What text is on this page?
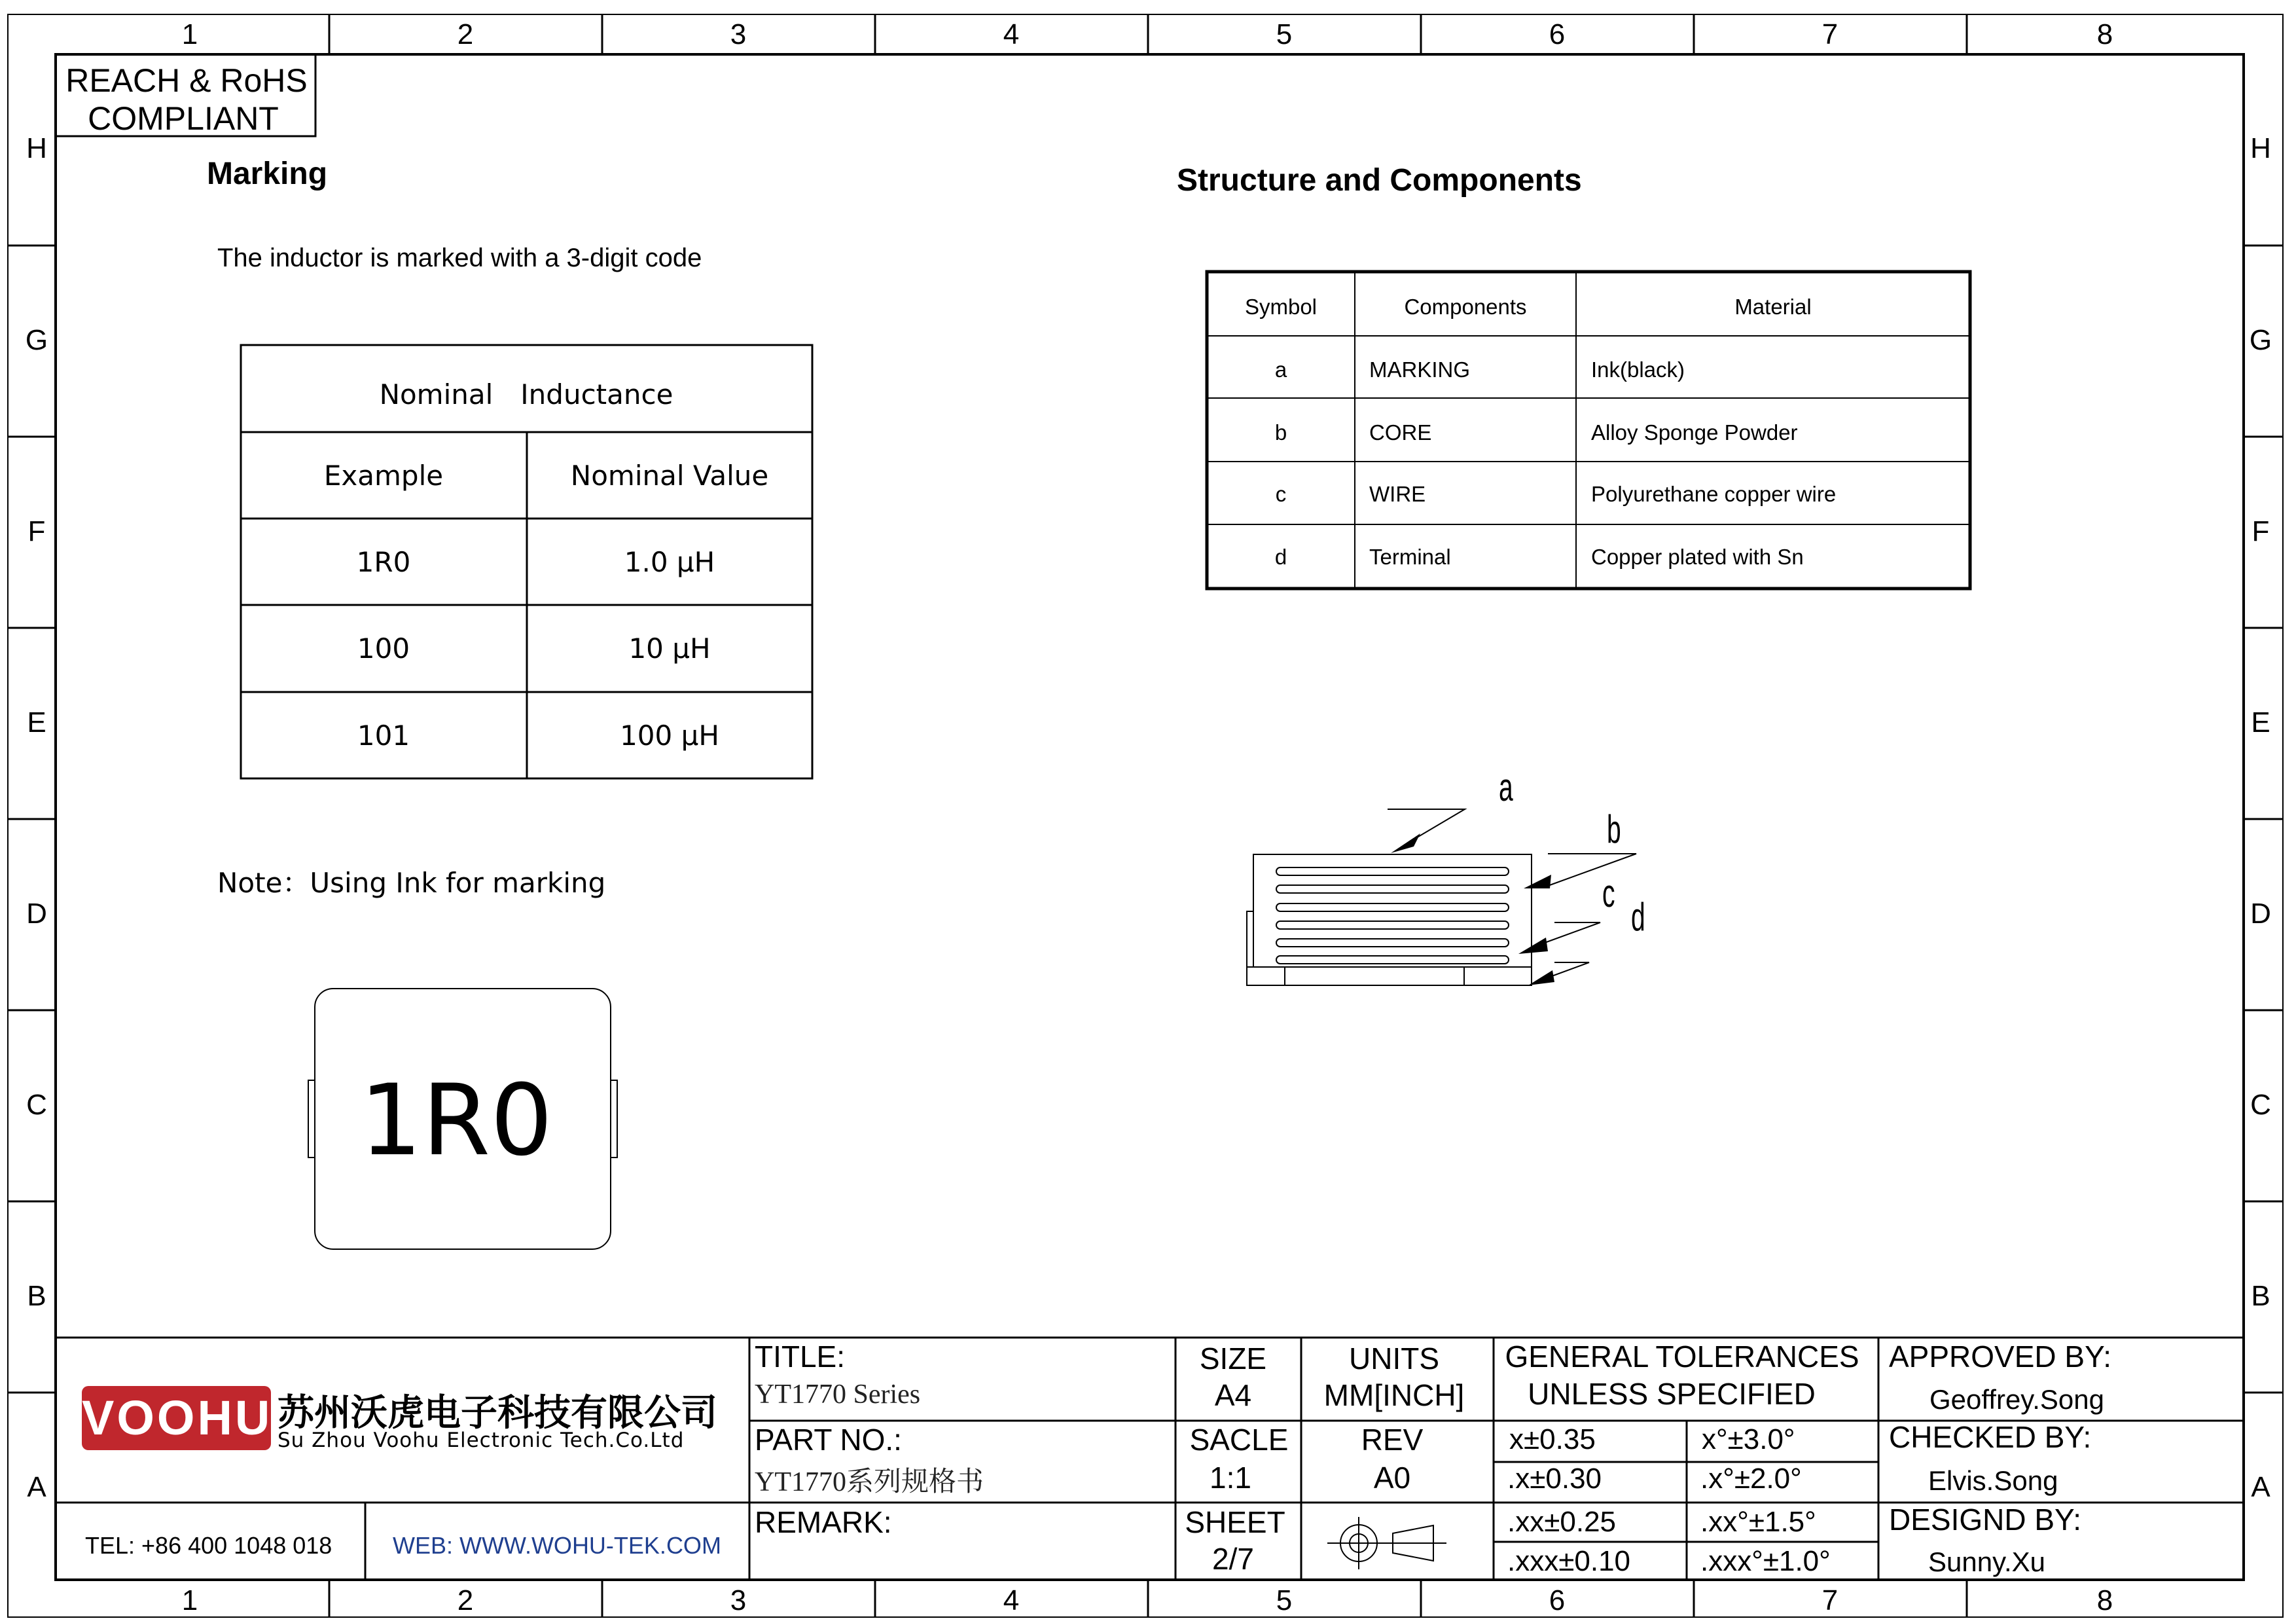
1	2	3	4	5	6	7	8
1	2	3	4	5	6	7	8
H
G
F
E
D
C
B
A
H
G
F
E
D
C
B
A
REACH & RoHS
COMPLIANT
Marking
The inductor is marked with a 3-digit code
Nominal　Inductance
Example	Nominal Value
1R0	1.0 μH
100	10 μH
101	100 μH
Note：Using Ink for marking
1R0
Structure and Components
Symbol	Components	Material
a	MARKING	Ink(black)
b	CORE	Alloy Sponge Powder
c	WIRE	Polyurethane copper wire
d	Terminal	Copper plated with Sn
a
b
c
d
VOOHU 苏州沃虎电子科技有限公司
Su Zhou Voohu Electronic Tech.Co.Ltd
TEL: +86 400 1048 018	WEB: WWW.WOHU-TEK.COM
TITLE:
YT1770 Series
PART NO.:
YT1770系列规格书
REMARK:
SIZE
A4
UNITS
MM[INCH]
SACLE
1:1
REV
A0
SHEET
2/7
GENERAL TOLERANCES
UNLESS SPECIFIED
x±0.35	x°±3.0°
.x±0.30	.x°±2.0°
.xx±0.25	.xx°±1.5°
.xxx±0.10 .xxx°±1.0°
APPROVED BY:
Geoffrey.Song
CHECKED BY:
Elvis.Song
DESIGND BY:
Sunny.Xu
